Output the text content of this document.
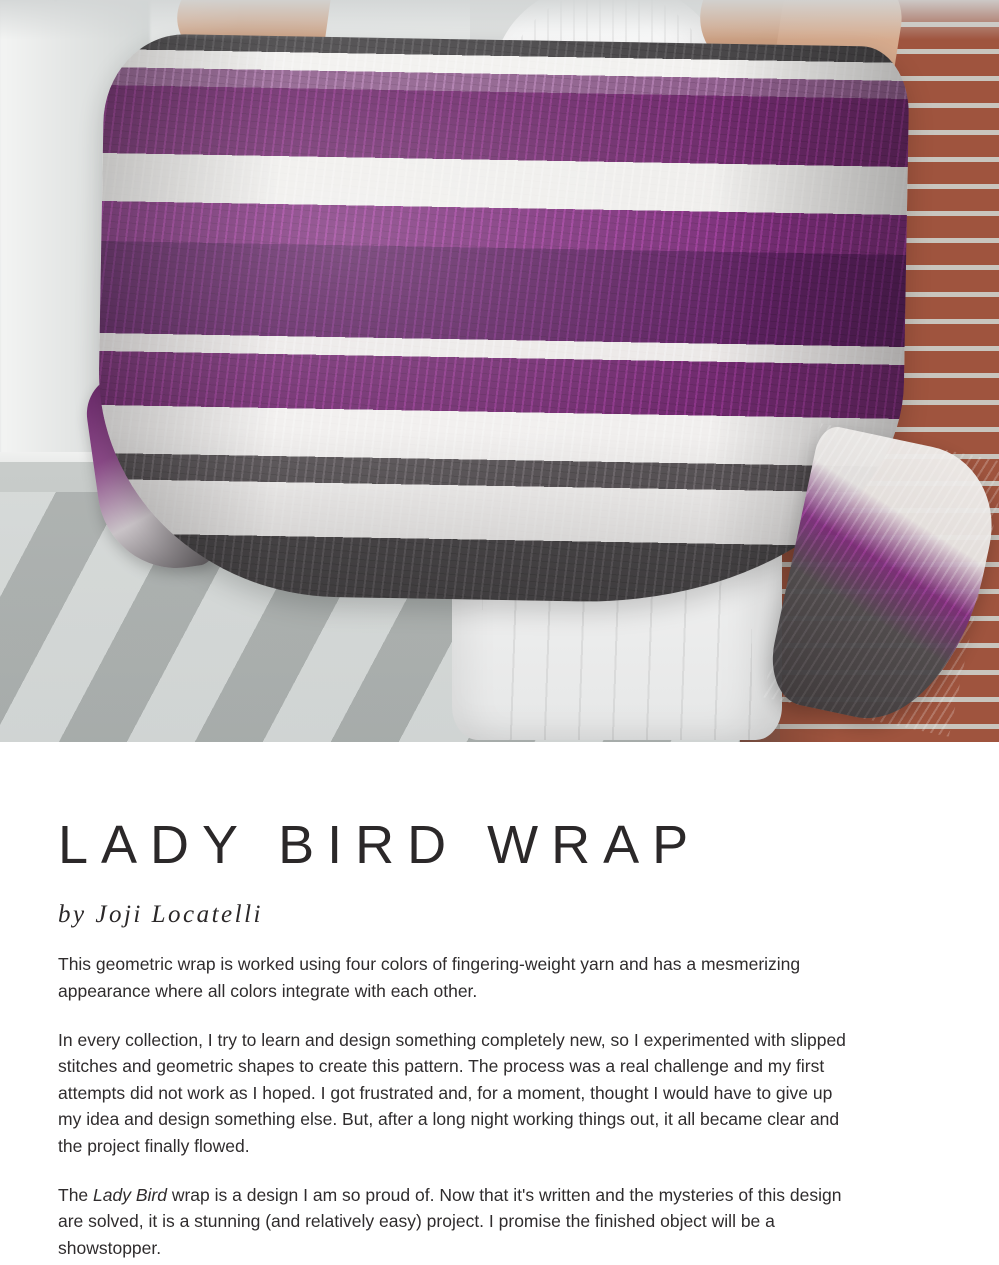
LADY BIRD WRAP
by Joji Locatelli

This geometric wrap is worked using four colors of fingering-weight yarn and has a mesmerizing appearance where all colors integrate with each other.

In every collection, I try to learn and design something completely new, so I experimented with slipped stitches and geometric shapes to create this pattern. The process was a real challenge and my first attempts did not work as I hoped. I got frustrated and, for a moment, thought I would have to give up my idea and design something else. But, after a long night working things out, it all became clear and the project finally flowed.

The Lady Bird wrap is a design I am so proud of. Now that it's written and the mysteries of this design are solved, it is a stunning (and relatively easy) project. I promise the finished object will be a showstopper.
